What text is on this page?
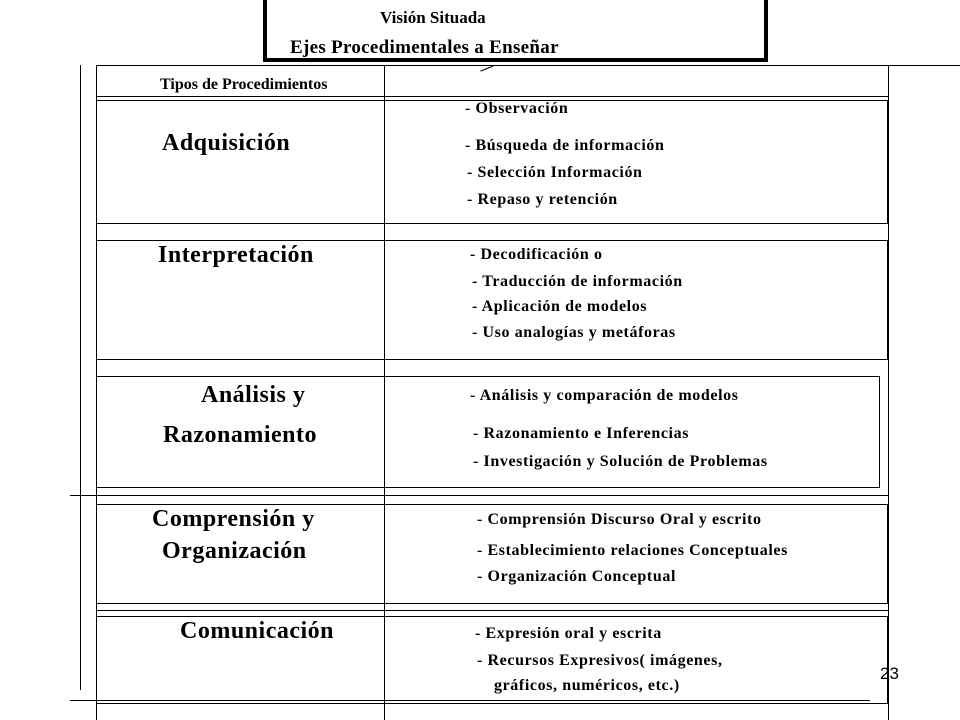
Visión Situada
Ejes Procedimentales a Enseñar
Tipos de Procedimientos
Adquisición
- Observación
- Búsqueda de información
- Selección Información
- Repaso y retención
Interpretación	- Decodificación o
- Traducción de información
- Aplicación de modelos
- Uso analogías y metáforas
Análisis y
Razonamiento
- Análisis y comparación de modelos
- Razonamiento e Inferencias
- Investigación y Solución de Problemas
Comprensión y
Organización
- Comprensión Discurso Oral y escrito
- Establecimiento relaciones Conceptuales
- Organización Conceptual
Comunicación	- Expresión oral y escrita
- Recursos Expresivos( imágenes,
gráficos, numéricos, etc.)
23
